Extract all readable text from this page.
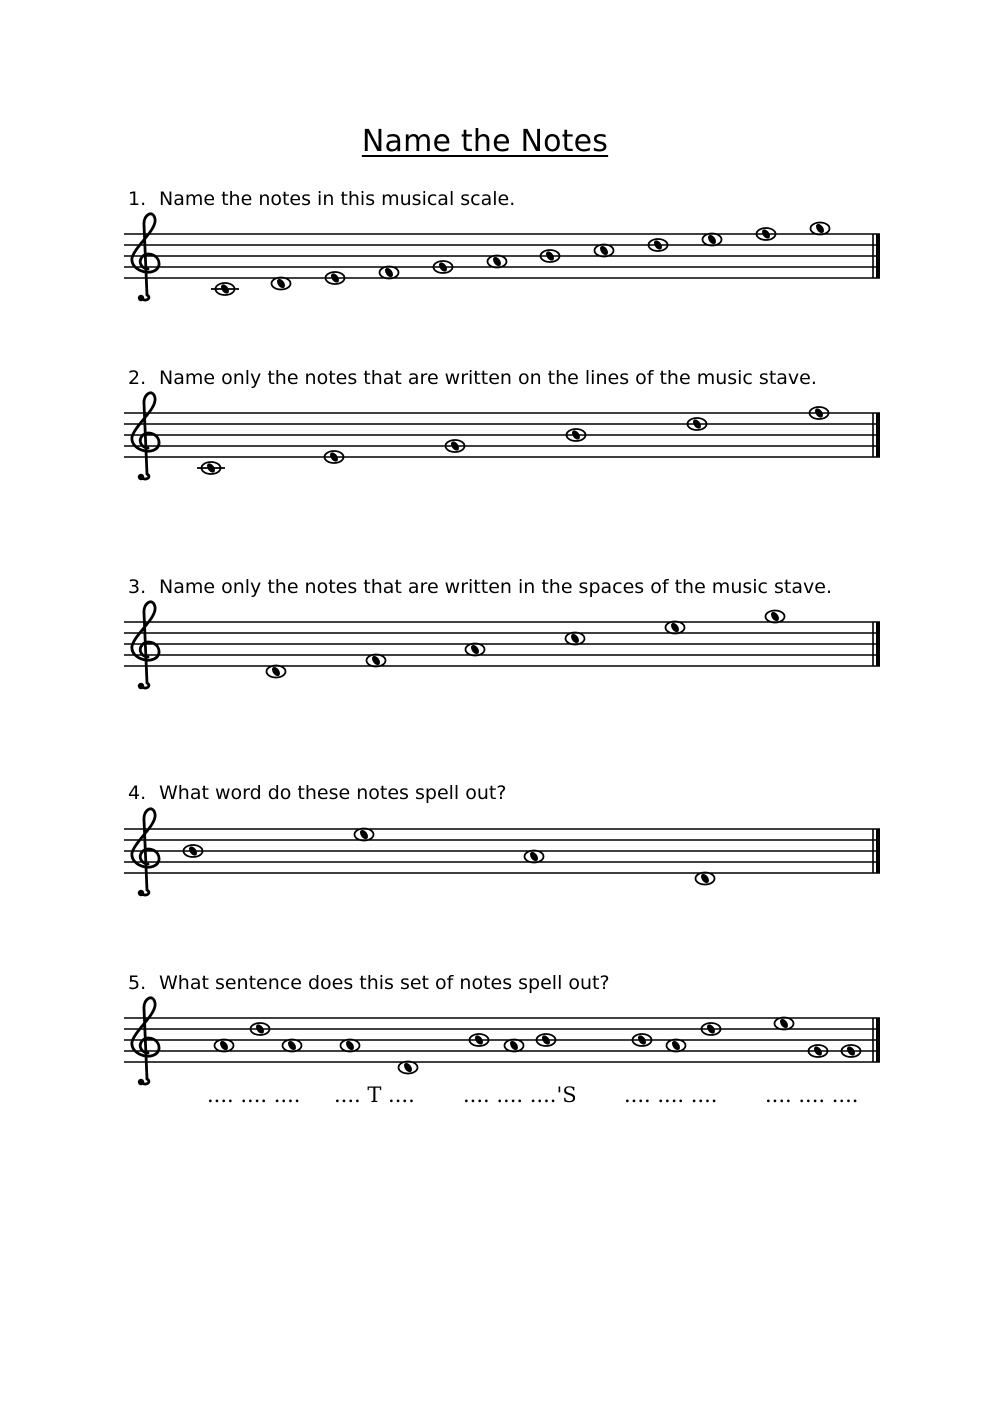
Name the Notes
1. Name the notes in this musical scale.
2. Name only the notes that are written on the lines of the music stave.
3. Name only the notes that are written in the spaces of the music stave.
4. What word do these notes spell out?
5. What sentence does this set of notes spell out?
.... .... .... .... T .... .... .... ....'S .... .... .... .... .... ....
